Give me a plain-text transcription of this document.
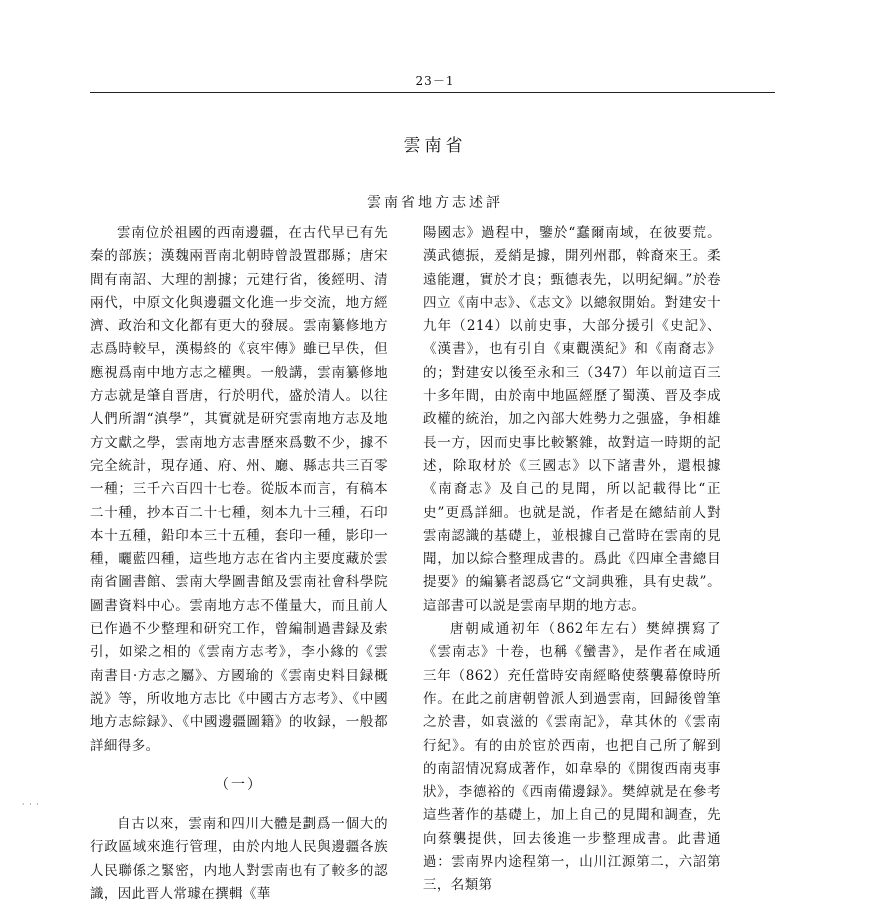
23－1
雲南省
雲南省地方志述評

雲南位於祖國的西南邊疆，在古代早已有先秦的部族；漢魏兩晋南北朝時曾設置郡縣；唐宋間有南詔、大理的割據；元建行省，後經明、清兩代，中原文化與邊疆文化進一步交流，地方經濟、政治和文化都有更大的發展。雲南纂修地方志爲時較早，漢楊終的《哀牢傳》雖已早佚，但應視爲南中地方志之權輿。一般講，雲南纂修地方志就是肇自晋唐，行於明代，盛於清人。以往人們所謂“滇學”，其實就是研究雲南地方志及地方文獻之學，雲南地方志書歷來爲數不少，據不完全統計，現存通、府、州、廳、縣志共三百零一種；三千六百四十七卷。從版本而言，有稿本二十種，抄本百二十七種，刻本九十三種，石印本十五種，鉛印本三十五種，套印一種，影印一種，曬藍四種，這些地方志在省内主要度藏於雲南省圖書館、雲南大學圖書館及雲南社會科學院圖書資料中心。雲南地方志不僅量大，而且前人已作過不少整理和研究工作，曾編制過書録及索引，如梁之相的《雲南方志考》，李小緣的《雲南書目·方志之屬》、方國瑜的《雲南史料目録概説》等，所收地方志比《中國古方志考》、《中國地方志綜録》、《中國邊疆圖籍》的收録，一般都詳細得多。

（一）

自古以來，雲南和四川大體是劃爲一個大的行政區域來進行管理，由於内地人民與邊疆各族人民聯係之緊密，内地人對雲南也有了較多的認識，因此晋人常璩在撰輯《華

陽國志》過程中，鑒於“蠢爾南域，在彼要荒。漢武德振，爰綃是據，開列州郡，斡裔來王。柔遠能邇，實於才良；甄德表先，以明紀綱。”於卷四立《南中志》、《志文》以總叙開始。對建安十九年（214）以前史事，大部分援引《史記》、《漢書》，也有引自《東觀漢紀》和《南裔志》的；對建安以後至永和三（347）年以前這百三十多年間，由於南中地區經歷了蜀漢、晋及李成政權的統治，加之內部大姓勢力之强盛，争相雄長一方，因而史事比較繁雜，故對這一時期的記述，除取材於《三國志》以下諸書外，還根據《南裔志》及自己的見聞，所以記載得比“正史”更爲詳細。也就是説，作者是在總結前人對雲南認識的基礎上，並根據自己當時在雲南的見聞，加以綜合整理成書的。爲此《四庫全書總目提要》的編纂者認爲它“文詞典雅，具有史裁”。這部書可以説是雲南早期的地方志。

唐朝咸通初年（862年左右）樊綽撰寫了《雲南志》十卷，也稱《蠻書》，是作者在咸通三年（862）充任當時安南經略使蔡襲幕僚時所作。在此之前唐朝曾派人到過雲南，回歸後曾筆之於書，如袁滋的《雲南記》，韋其休的《雲南行紀》。有的由於宦於西南，也把自己所了解到的南詔情况寫成著作，如韋皋的《開復西南夷事狀》，李德裕的《西南備邊録》。樊綽就是在參考這些著作的基礎上，加上自己的見聞和調查，先向蔡襲提供，回去後進一步整理成書。此書通過：雲南界内途程第一，山川江源第二，六詔第三，名類第

· · ·
